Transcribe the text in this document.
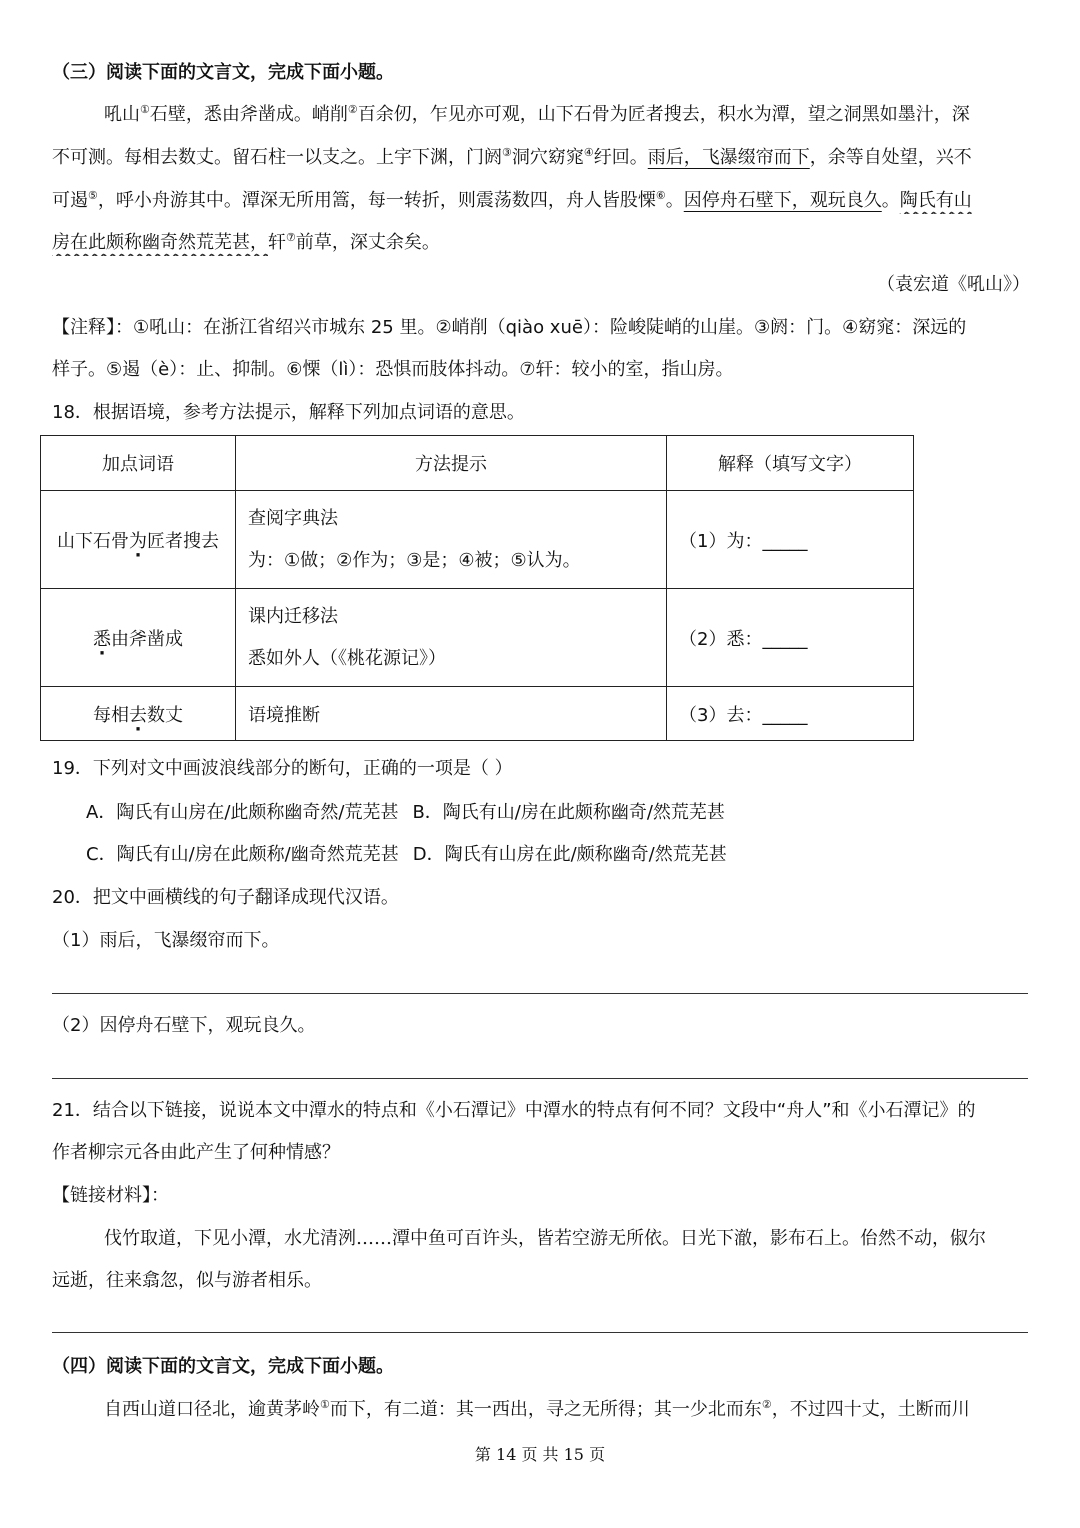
（三）阅读下面的文言文，完成下面小题。
吼山①石壁，悉由斧凿成。峭削②百余仞，乍见亦可观，山下石骨为匠者搜去，积水为潭，望之洞黑如墨汁，深
不可测。每相去数丈。留石柱一以支之。上宇下渊，门阏③洞穴窈窕④纡回。雨后，飞瀑缀帘而下，余等自处望，兴不
可遏⑤，呼小舟游其中。潭深无所用篙，每一转折，则震荡数四，舟人皆股慄⑥。因停舟石壁下，观玩良久。陶氏有山
房在此颇称幽奇然荒芜甚，轩⑦前草，深丈余矣。
（袁宏道《吼山》）
【注释】：①吼山：在浙江省绍兴市城东 25 里。②峭削（qiào xuē）：险峻陡峭的山崖。③阏：门。④窈窕：深远的
样子。⑤遏（è）：止、抑制。⑥慄（lì）：恐惧而肢体抖动。⑦轩：较小的室，指山房。
18．根据语境，参考方法提示，解释下列加点词语的意思。
加点词语	方法提示	解释（填写文字）
山下石骨为匠者搜去	查阅字典法
为：①做；②作为；③是；④被；⑤认为。	（1）为：_____
悉由斧凿成	课内迁移法
悉如外人（《桃花源记》）	（2）悉：_____
每相去数丈	语境推断	（3）去：_____
19．下列对文中画波浪线部分的断句，正确的一项是（ ）
A．陶氏有山房在/此颇称幽奇然/荒芜甚 B．陶氏有山/房在此颇称幽奇/然荒芜甚
C．陶氏有山/房在此颇称/幽奇然荒芜甚 D．陶氏有山房在此/颇称幽奇/然荒芜甚
20．把文中画横线的句子翻译成现代汉语。
（1）雨后，飞瀑缀帘而下。
（2）因停舟石壁下，观玩良久。
21．结合以下链接，说说本文中潭水的特点和《小石潭记》中潭水的特点有何不同？文段中“舟人”和《小石潭记》的
作者柳宗元各由此产生了何种情感？
【链接材料】：
伐竹取道，下见小潭，水尤清洌……潭中鱼可百许头，皆若空游无所依。日光下澈，影布石上。佁然不动，俶尔
远逝，往来翕忽，似与游者相乐。
（四）阅读下面的文言文，完成下面小题。
自西山道口径北，逾黄茅岭①而下，有二道：其一西出，寻之无所得；其一少北而东②，不过四十丈，土断而川
第 14 页 共 15 页
